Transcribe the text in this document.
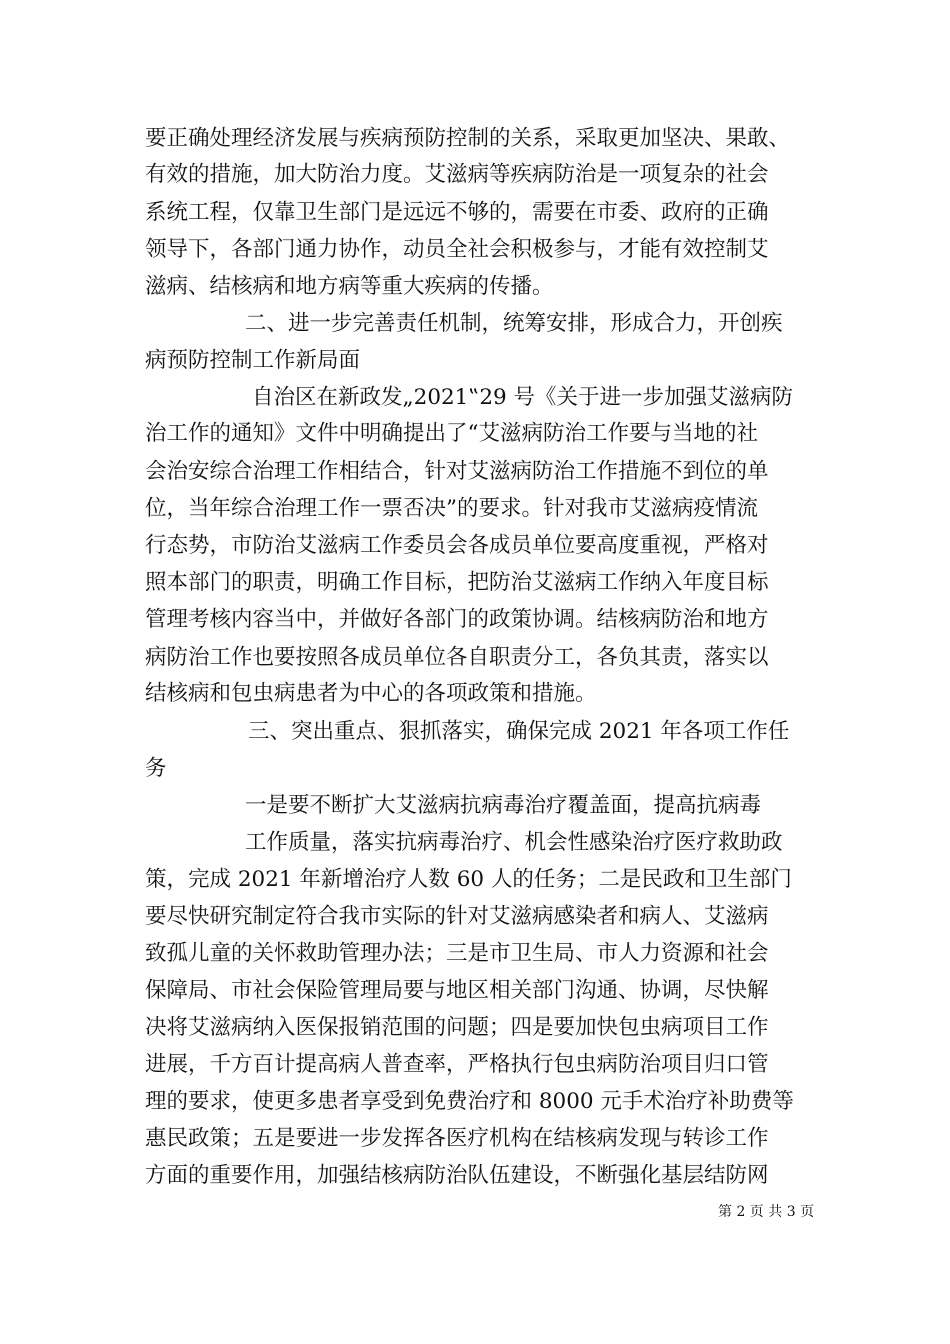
要正确处理经济发展与疾病预防控制的关系，采取更加坚决、果敢、
有效的措施，加大防治力度。艾滋病等疾病防治是一项复杂的社会
系统工程，仅靠卫生部门是远远不够的，需要在市委、政府的正确
领导下，各部门通力协作，动员全社会积极参与，才能有效控制艾
滋病、结核病和地方病等重大疾病的传播。
二、进一步完善责任机制，统筹安排，形成合力，开创疾
病预防控制工作新局面
自治区在新政发„2021‟29 号《关于进一步加强艾滋病防
治工作的通知》文件中明确提出了“艾滋病防治工作要与当地的社
会治安综合治理工作相结合，针对艾滋病防治工作措施不到位的单
位，当年综合治理工作一票否决”的要求。针对我市艾滋病疫情流
行态势，市防治艾滋病工作委员会各成员单位要高度重视，严格对
照本部门的职责，明确工作目标，把防治艾滋病工作纳入年度目标
管理考核内容当中，并做好各部门的政策协调。结核病防治和地方
病防治工作也要按照各成员单位各自职责分工，各负其责，落实以
结核病和包虫病患者为中心的各项政策和措施。
三、突出重点、狠抓落实，确保完成 2021 年各项工作任
务
一是要不断扩大艾滋病抗病毒治疗覆盖面，提高抗病毒
工作质量，落实抗病毒治疗、机会性感染治疗医疗救助政
策，完成 2021 年新增治疗人数 60 人的任务；二是民政和卫生部门
要尽快研究制定符合我市实际的针对艾滋病感染者和病人、艾滋病
致孤儿童的关怀救助管理办法；三是市卫生局、市人力资源和社会
保障局、市社会保险管理局要与地区相关部门沟通、协调，尽快解
决将艾滋病纳入医保报销范围的问题；四是要加快包虫病项目工作
进展，千方百计提高病人普查率，严格执行包虫病防治项目归口管
理的要求，使更多患者享受到免费治疗和 8000 元手术治疗补助费等
惠民政策；五是要进一步发挥各医疗机构在结核病发现与转诊工作
方面的重要作用，加强结核病防治队伍建设，不断强化基层结防网
第 2 页 共 3 页
